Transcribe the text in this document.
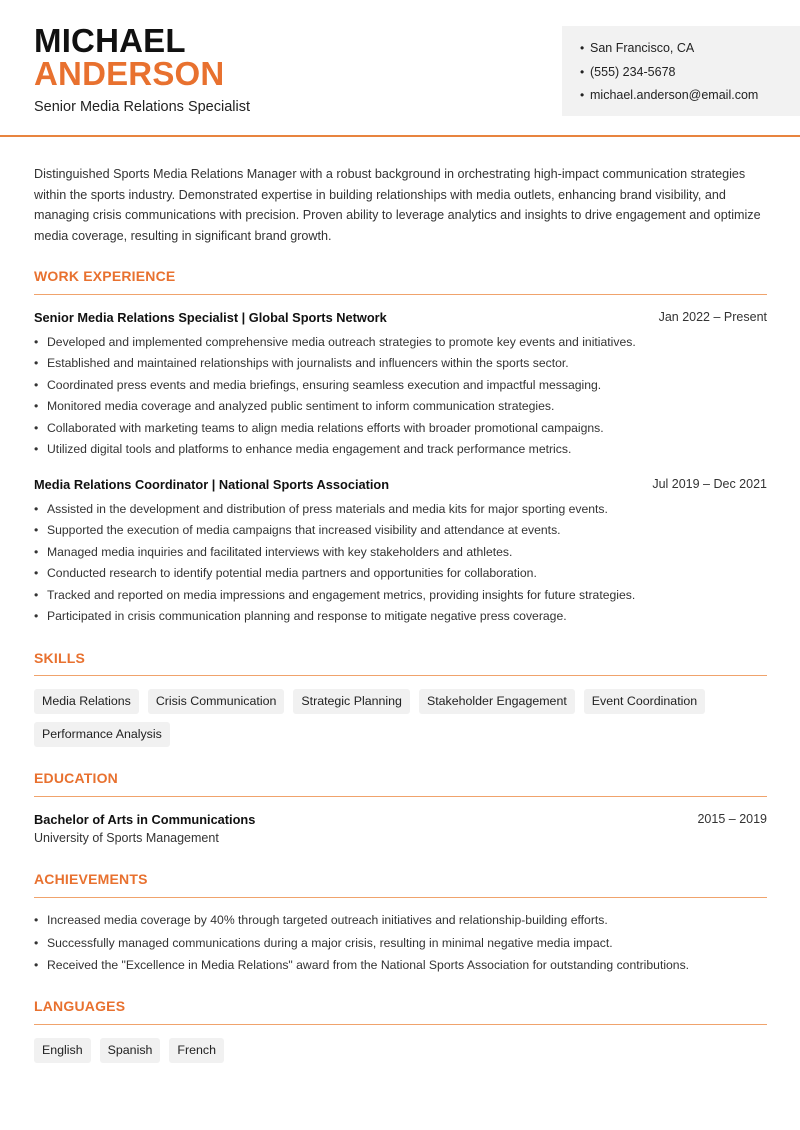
MICHAEL
ANDERSON
Senior Media Relations Specialist
• San Francisco, CA
• (555) 234-5678
• michael.anderson@email.com
Distinguished Sports Media Relations Manager with a robust background in orchestrating high-impact communication strategies within the sports industry. Demonstrated expertise in building relationships with media outlets, enhancing brand visibility, and managing crisis communications with precision. Proven ability to leverage analytics and insights to drive engagement and optimize media coverage, resulting in significant brand growth.
WORK EXPERIENCE
Senior Media Relations Specialist | Global Sports Network	Jan 2022 – Present
• Developed and implemented comprehensive media outreach strategies to promote key events and initiatives.
• Established and maintained relationships with journalists and influencers within the sports sector.
• Coordinated press events and media briefings, ensuring seamless execution and impactful messaging.
• Monitored media coverage and analyzed public sentiment to inform communication strategies.
• Collaborated with marketing teams to align media relations efforts with broader promotional campaigns.
• Utilized digital tools and platforms to enhance media engagement and track performance metrics.
Media Relations Coordinator | National Sports Association	Jul 2019 – Dec 2021
• Assisted in the development and distribution of press materials and media kits for major sporting events.
• Supported the execution of media campaigns that increased visibility and attendance at events.
• Managed media inquiries and facilitated interviews with key stakeholders and athletes.
• Conducted research to identify potential media partners and opportunities for collaboration.
• Tracked and reported on media impressions and engagement metrics, providing insights for future strategies.
• Participated in crisis communication planning and response to mitigate negative press coverage.
SKILLS
Media Relations	Crisis Communication	Strategic Planning	Stakeholder Engagement	Event Coordination
Performance Analysis
EDUCATION
Bachelor of Arts in Communications	2015 – 2019
University of Sports Management
ACHIEVEMENTS
• Increased media coverage by 40% through targeted outreach initiatives and relationship-building efforts.
• Successfully managed communications during a major crisis, resulting in minimal negative media impact.
• Received the "Excellence in Media Relations" award from the National Sports Association for outstanding contributions.
LANGUAGES
English	Spanish	French
